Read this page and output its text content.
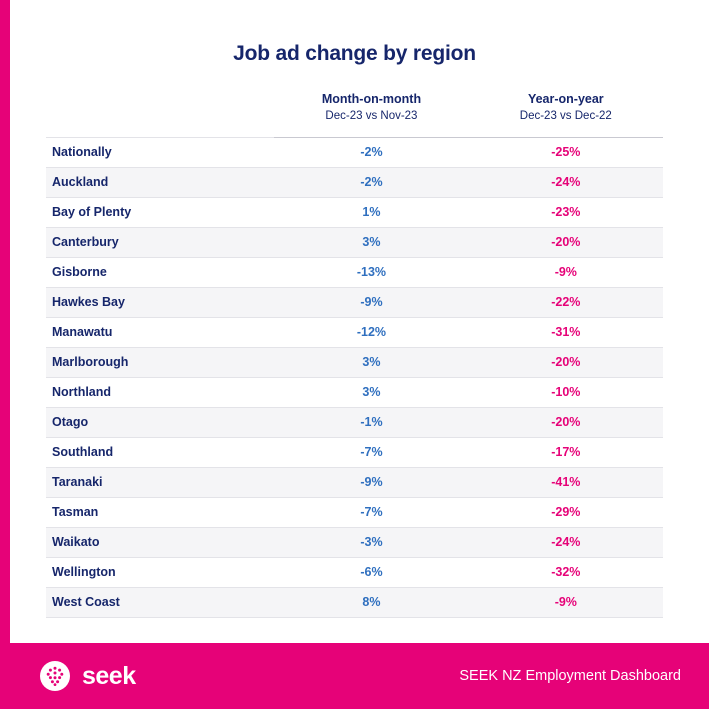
Job ad change by region

Month-on-month
Dec-23 vs Nov-23

Year-on-year
Dec-23 vs Dec-22

Nationally	-2%	-25%
Auckland	-2%	-24%
Bay of Plenty	1%	-23%
Canterbury	3%	-20%
Gisborne	-13%	-9%
Hawkes Bay	-9%	-22%
Manawatu	-12%	-31%
Marlborough	3%	-20%
Northland	3%	-10%
Otago	-1%	-20%
Southland	-7%	-17%
Taranaki	-9%	-41%
Tasman	-7%	-29%
Waikato	-3%	-24%
Wellington	-6%	-32%
West Coast	8%	-9%
seek	SEEK NZ Employment Dashboard
